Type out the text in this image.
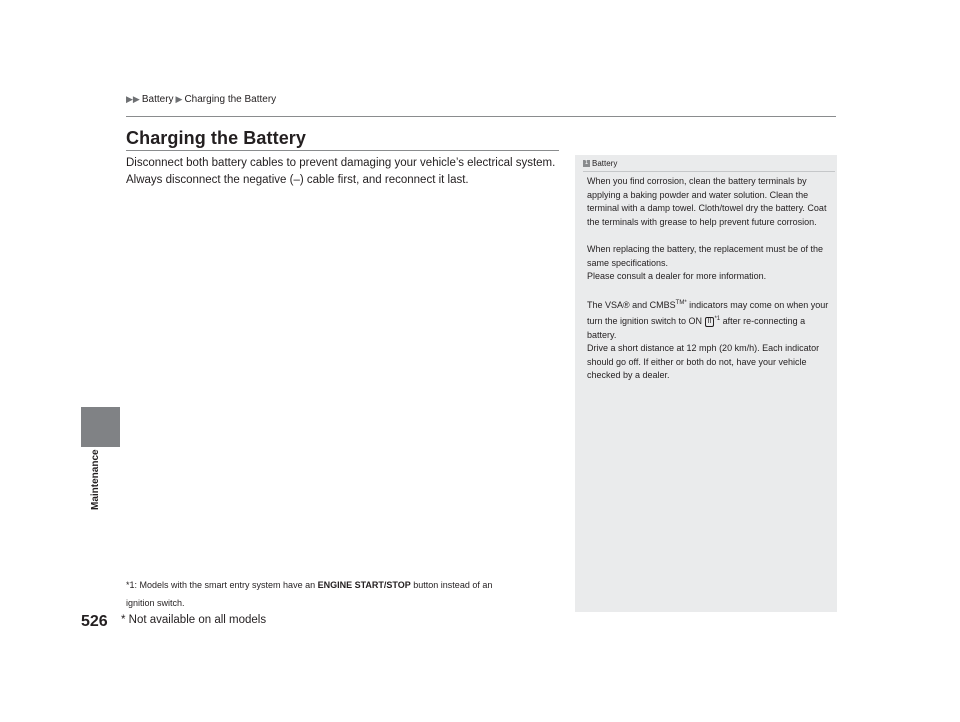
▶▶ Battery ▶ Charging the Battery
Maintenance
Charging the Battery

Disconnect both battery cables to prevent damaging your vehicle’s electrical system.

Always disconnect the negative (–) cable first, and reconnect it last.

*1: Models with the smart entry system have an ENGINE START/STOP button instead of an
ignition switch.
1 Battery

When you find corrosion, clean the battery terminals by applying a baking powder and water solution. Clean the terminal with a damp towel. Cloth/towel dry the battery. Coat the terminals with grease to help prevent future corrosion.

When replacing the battery, the replacement must be of the same specifications.

Please consult a dealer for more information.

The VSA® and $CMBS^{TM*}$ indicators may come on when your turn the ignition switch to ON II $^{*1}$ after re-connecting a battery.

Drive a short distance at 12 mph (20 km/h). Each indicator should go off. If either or both do not, have your vehicle checked by a dealer.

526 * Not available on all models
